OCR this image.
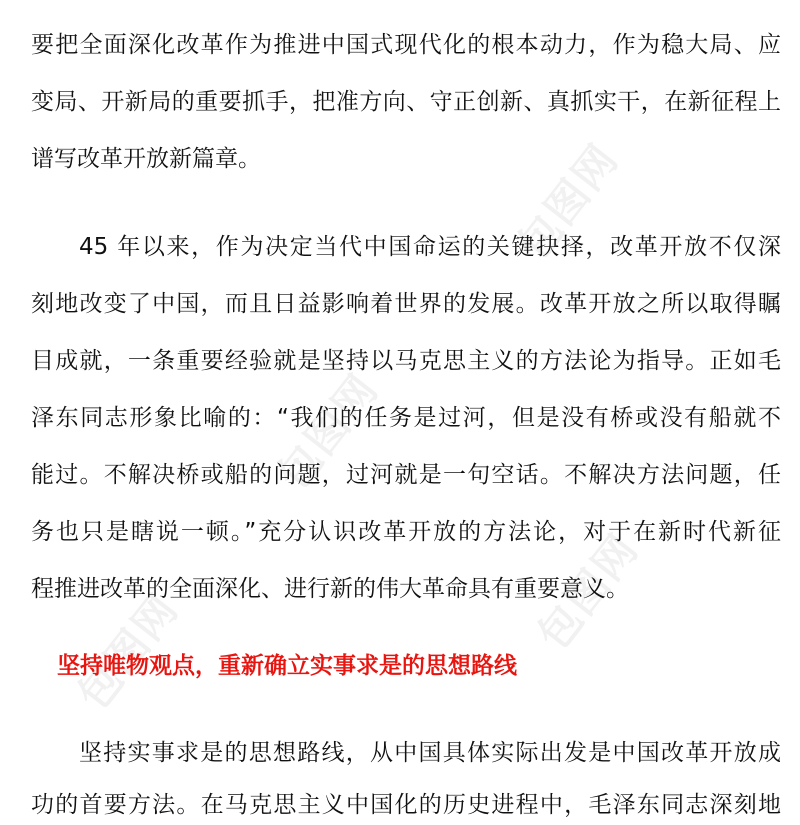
包图网
包图网
包图网
包图网
要把全面深化改革作为推进中国式现代化的根本动力，作为稳大局、应
变局、开新局的重要抓手，把准方向、守正创新、真抓实干，在新征程上
谱写改革开放新篇章。
45 年以来，作为决定当代中国命运的关键抉择，改革开放不仅深
刻地改变了中国，而且日益影响着世界的发展。改革开放之所以取得瞩
目成就，一条重要经验就是坚持以马克思主义的方法论为指导。正如毛
泽东同志形象比喻的：“我们的任务是过河，但是没有桥或没有船就不
能过。不解决桥或船的问题，过河就是一句空话。不解决方法问题，任
务也只是瞎说一顿。”充分认识改革开放的方法论，对于在新时代新征
程推进改革的全面深化、进行新的伟大革命具有重要意义。
坚持唯物观点，重新确立实事求是的思想路线
坚持实事求是的思想路线，从中国具体实际出发是中国改革开放成
功的首要方法。在马克思主义中国化的历史进程中，毛泽东同志深刻地
